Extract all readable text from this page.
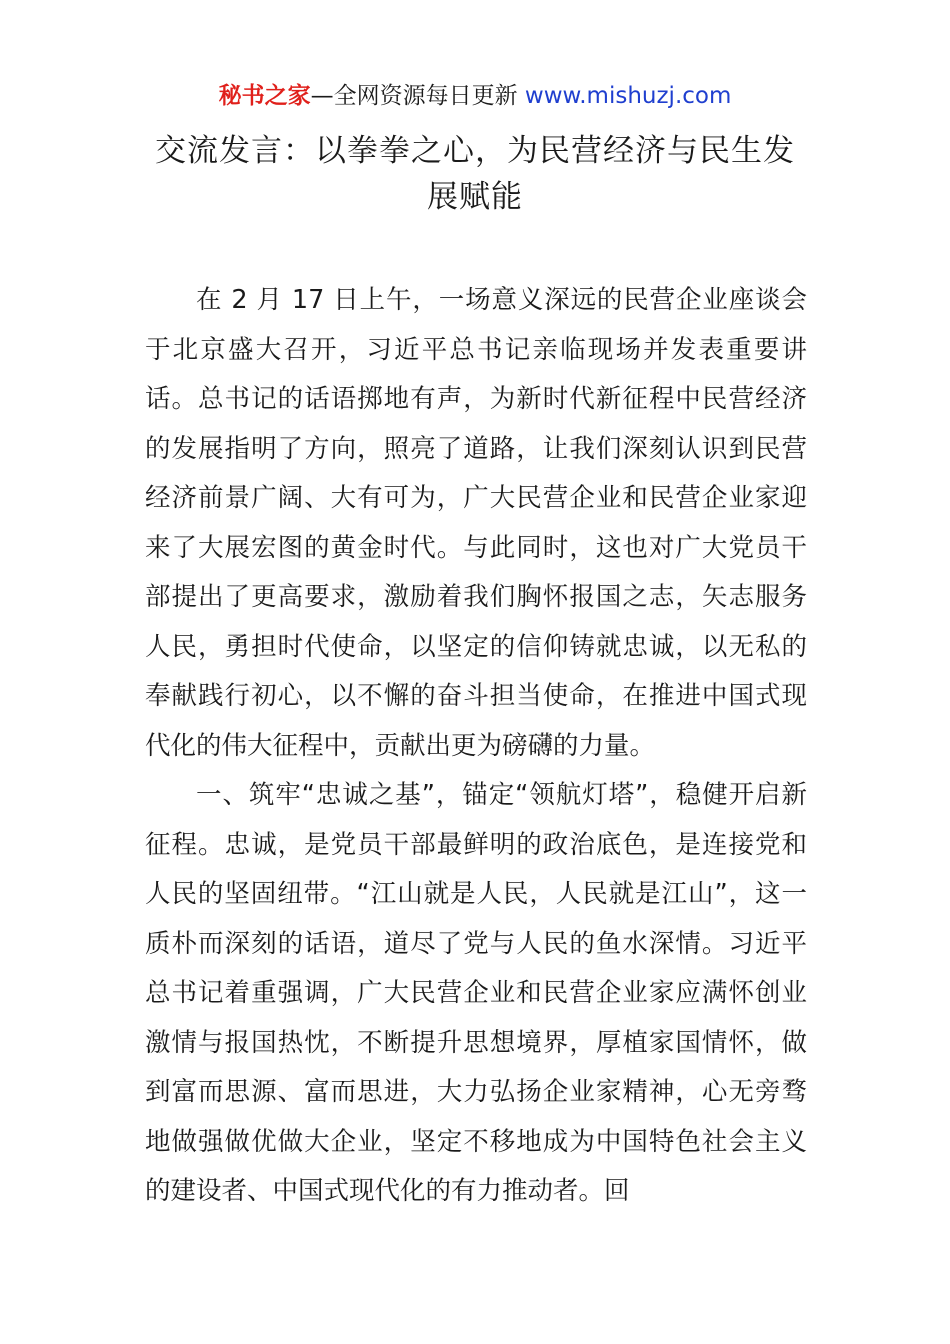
秘书之家—全网资源每日更新 www.mishuzj.com
交流发言：以拳拳之心，为民营经济与民生发展赋能

在 2 月 17 日上午，一场意义深远的民营企业座谈会于北京盛大召开，习近平总书记亲临现场并发表重要讲话。总书记的话语掷地有声，为新时代新征程中民营经济的发展指明了方向，照亮了道路，让我们深刻认识到民营经济前景广阔、大有可为，广大民营企业和民营企业家迎来了大展宏图的黄金时代。与此同时，这也对广大党员干部提出了更高要求，激励着我们胸怀报国之志，矢志服务人民，勇担时代使命，以坚定的信仰铸就忠诚，以无私的奉献践行初心，以不懈的奋斗担当使命，在推进中国式现代化的伟大征程中，贡献出更为磅礴的力量。

一、筑牢“忠诚之基”，锚定“领航灯塔”，稳健开启新征程。忠诚，是党员干部最鲜明的政治底色，是连接党和人民的坚固纽带。“江山就是人民，人民就是江山”，这一质朴而深刻的话语，道尽了党与人民的鱼水深情。习近平总书记着重强调，广大民营企业和民营企业家应满怀创业激情与报国热忱，不断提升思想境界，厚植家国情怀，做到富而思源、富而思进，大力弘扬企业家精神，心无旁骛地做强做优做大企业，坚定不移地成为中国特色社会主义的建设者、中国式现代化的有力推动者。回
